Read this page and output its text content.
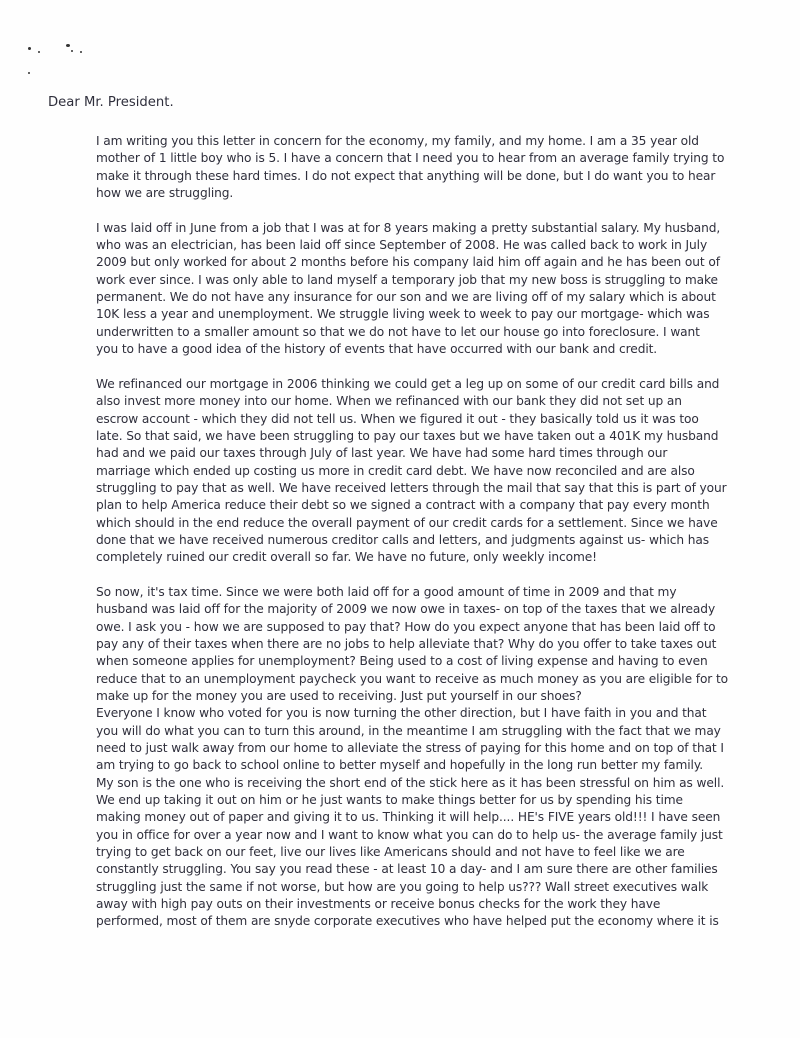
Dear Mr. President.

I am writing you this letter in concern for the economy, my family, and my home. I am a 35 year old
mother of 1 little boy who is 5. I have a concern that I need you to hear from an average family trying to
make it through these hard times. I do not expect that anything will be done, but I do want you to hear
how we are struggling.

I was laid off in June from a job that I was at for 8 years making a pretty substantial salary. My husband,
who was an electrician, has been laid off since September of 2008. He was called back to work in July
2009 but only worked for about 2 months before his company laid him off again and he has been out of
work ever since. I was only able to land myself a temporary job that my new boss is struggling to make
permanent. We do not have any insurance for our son and we are living off of my salary which is about
10K less a year and unemployment. We struggle living week to week to pay our mortgage- which was
underwritten to a smaller amount so that we do not have to let our house go into foreclosure. I want
you to have a good idea of the history of events that have occurred with our bank and credit.

We refinanced our mortgage in 2006 thinking we could get a leg up on some of our credit card bills and
also invest more money into our home. When we refinanced with our bank they did not set up an
escrow account - which they did not tell us. When we figured it out - they basically told us it was too
late. So that said, we have been struggling to pay our taxes but we have taken out a 401K my husband
had and we paid our taxes through July of last year. We have had some hard times through our
marriage which ended up costing us more in credit card debt. We have now reconciled and are also
struggling to pay that as well. We have received letters through the mail that say that this is part of your
plan to help America reduce their debt so we signed a contract with a company that pay every month
which should in the end reduce the overall payment of our credit cards for a settlement. Since we have
done that we have received numerous creditor calls and letters, and judgments against us- which has
completely ruined our credit overall so far. We have no future, only weekly income!

So now, it's tax time. Since we were both laid off for a good amount of time in 2009 and that my
husband was laid off for the majority of 2009 we now owe in taxes- on top of the taxes that we already
owe. I ask you - how we are supposed to pay that? How do you expect anyone that has been laid off to
pay any of their taxes when there are no jobs to help alleviate that? Why do you offer to take taxes out
when someone applies for unemployment? Being used to a cost of living expense and having to even
reduce that to an unemployment paycheck you want to receive as much money as you are eligible for to
make up for the money you are used to receiving. Just put yourself in our shoes?
Everyone I know who voted for you is now turning the other direction, but I have faith in you and that
you will do what you can to turn this around, in the meantime I am struggling with the fact that we may
need to just walk away from our home to alleviate the stress of paying for this home and on top of that I
am trying to go back to school online to better myself and hopefully in the long run better my family.
My son is the one who is receiving the short end of the stick here as it has been stressful on him as well.
We end up taking it out on him or he just wants to make things better for us by spending his time
making money out of paper and giving it to us. Thinking it will help.... HE's FIVE years old!!! I have seen
you in office for over a year now and I want to know what you can do to help us- the average family just
trying to get back on our feet, live our lives like Americans should and not have to feel like we are
constantly struggling. You say you read these - at least 10 a day- and I am sure there are other families
struggling just the same if not worse, but how are you going to help us??? Wall street executives walk
away with high pay outs on their investments or receive bonus checks for the work they have
performed, most of them are snyde corporate executives who have helped put the economy where it is
